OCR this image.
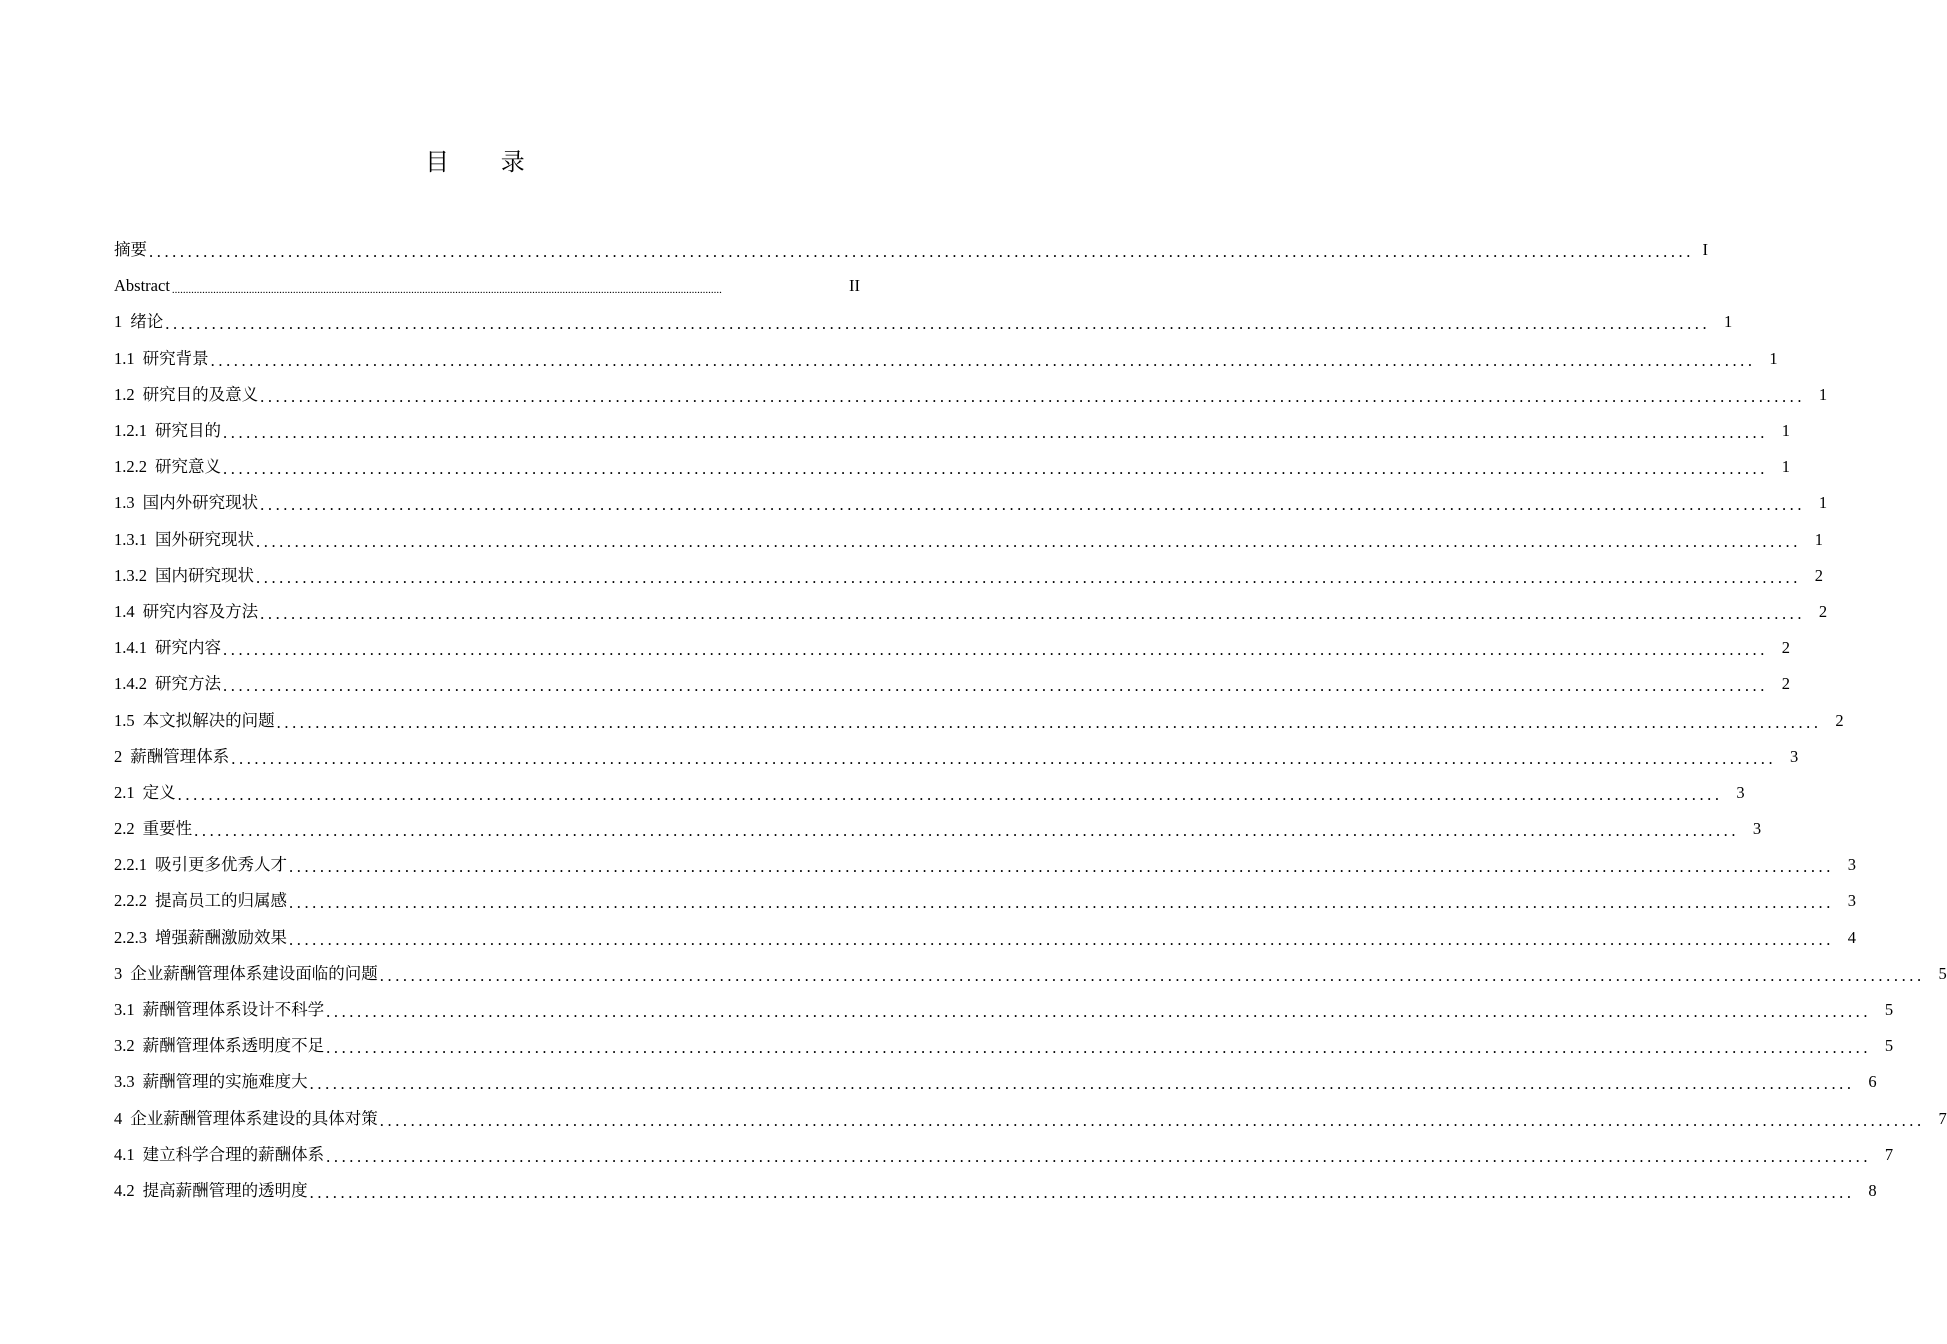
目 录
摘要 ........................................................................................................................................................................................................ I
Abstract ........................................................................................................................................................................................................	II
1 绪论 ........................................................................................................................................................................................................ 1
1.1 研究背景 ........................................................................................................................................................................................................ 1
1.2 研究目的及意义 ........................................................................................................................................................................................................ 1
1.2.1 研究目的 ........................................................................................................................................................................................................ 1
1.2.2 研究意义 ........................................................................................................................................................................................................ 1
1.3 国内外研究现状 ........................................................................................................................................................................................................ 1
1.3.1 国外研究现状 ........................................................................................................................................................................................................ 1
1.3.2 国内研究现状 ........................................................................................................................................................................................................ 2
1.4 研究内容及方法 ........................................................................................................................................................................................................ 2
1.4.1 研究内容 ........................................................................................................................................................................................................ 2
1.4.2 研究方法 ........................................................................................................................................................................................................ 2
1.5 本文拟解决的问题 ........................................................................................................................................................................................................ 2
2 薪酬管理体系 ........................................................................................................................................................................................................ 3
2.1 定义 ........................................................................................................................................................................................................ 3
2.2 重要性 ........................................................................................................................................................................................................ 3
2.2.1 吸引更多优秀人才 ........................................................................................................................................................................................................ 3
2.2.2 提高员工的归属感 ........................................................................................................................................................................................................ 3
2.2.3 增强薪酬激励效果 ........................................................................................................................................................................................................ 4
3 企业薪酬管理体系建设面临的问题 ........................................................................................................................................................................................................ 5
3.1 薪酬管理体系设计不科学 ........................................................................................................................................................................................................ 5
3.2 薪酬管理体系透明度不足 ........................................................................................................................................................................................................ 5
3.3 薪酬管理的实施难度大 ........................................................................................................................................................................................................ 6
4 企业薪酬管理体系建设的具体对策 ........................................................................................................................................................................................................ 7
4.1 建立科学合理的薪酬体系 ........................................................................................................................................................................................................ 7
4.2 提高薪酬管理的透明度 ........................................................................................................................................................................................................ 8
